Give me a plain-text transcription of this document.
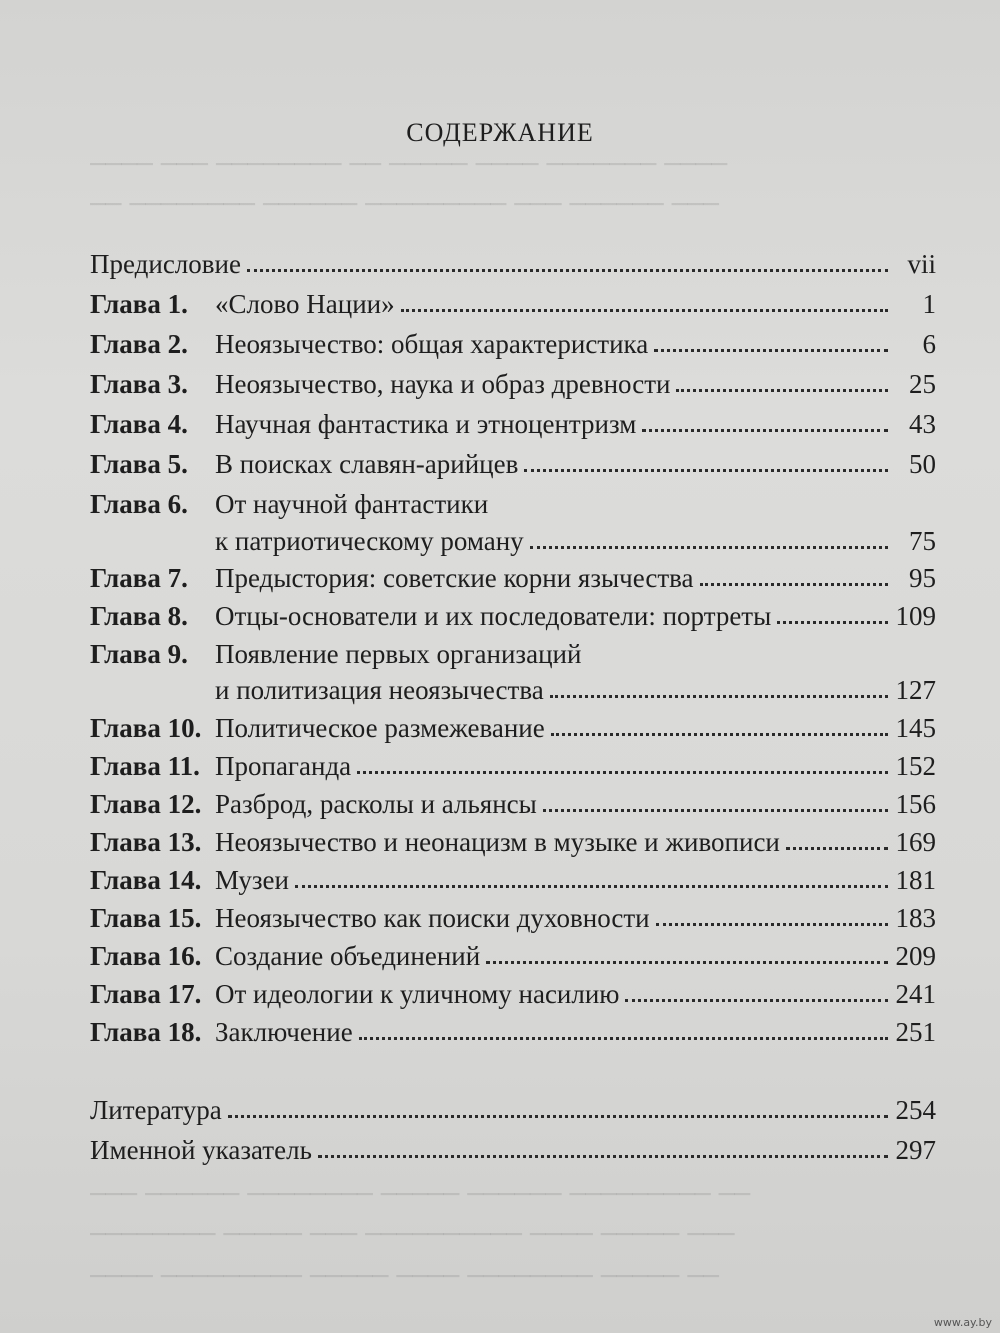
──── ─── ──────── ── ───── ──── ─────── ────
── ──────── ────── ───────── ─── ────── ───
─── ────── ──────── ───── ────── ───────── ──
──────── ───── ─── ────────── ──── ───── ───
──── ───────── ───── ──── ──────── ───── ──
СОДЕРЖАНИЕ
Предисловие	vii
Глава 1.	«Слово Нации»	1
Глава 2.	Неоязычество: общая характеристика	6
Глава 3.	Неоязычество, наука и образ древности	25
Глава 4.	Научная фантастика и этноцентризм	43
Глава 5.	В поисках славян-арийцев	50
Глава 6.	От научной фантастики
к патриотическому роману	75
Глава 7.	Предыстория: советские корни язычества	95
Глава 8.	Отцы-основатели и их последователи: портреты	109
Глава 9.	Появление первых организаций
и политизация неоязычества	127
Глава 10. Политическое размежевание	145
Глава 11. Пропаганда	152
Глава 12. Разброд, расколы и альянсы	156
Глава 13. Неоязычество и неонацизм в музыке и живописи	169
Глава 14. Музеи	181
Глава 15. Неоязычество как поиски духовности	183
Глава 16. Создание объединений	209
Глава 17. От идеологии к уличному насилию	241
Глава 18. Заключение	251
Литература	254
Именной указатель	297
www.ay.by
